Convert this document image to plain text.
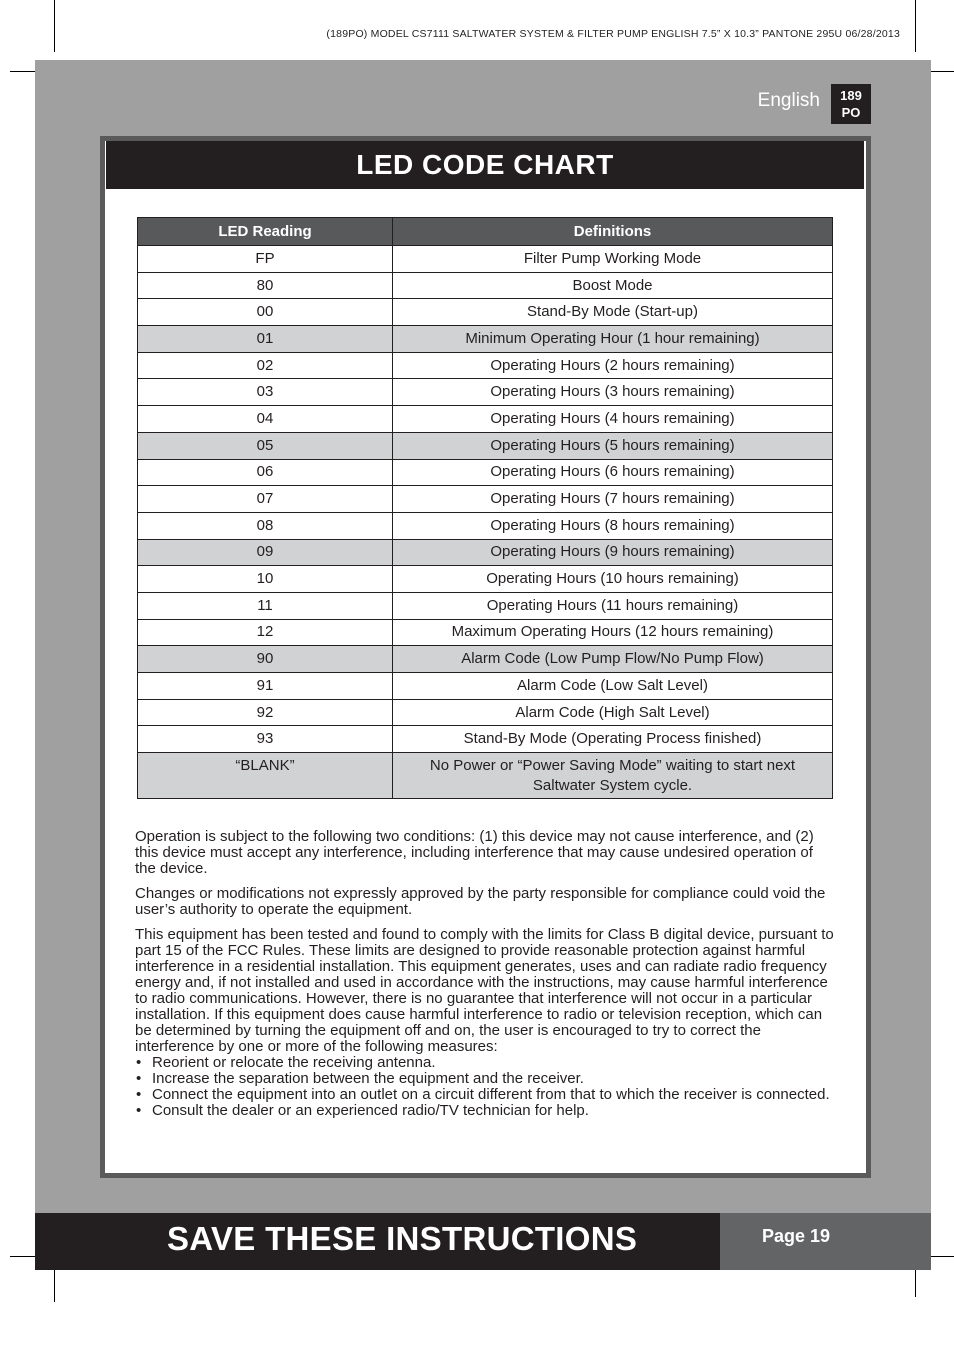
(189PO) MODEL CS7111 SALTWATER SYSTEM & FILTER PUMP ENGLISH 7.5” X 10.3” PANTONE 295U 06/28/2013
English	189
PO
LED CODE CHART
LED Reading	Definitions
FP	Filter Pump Working Mode
80	Boost Mode
00	Stand-By Mode (Start-up)
01	Minimum Operating Hour (1 hour remaining)
02	Operating Hours (2 hours remaining)
03	Operating Hours (3 hours remaining)
04	Operating Hours (4 hours remaining)
05	Operating Hours (5 hours remaining)
06	Operating Hours (6 hours remaining)
07	Operating Hours (7 hours remaining)
08	Operating Hours (8 hours remaining)
09	Operating Hours (9 hours remaining)
10	Operating Hours (10 hours remaining)
11	Operating Hours (11 hours remaining)
12	Maximum Operating Hours (12 hours remaining)
90	Alarm Code (Low Pump Flow/No Pump Flow)
91	Alarm Code (Low Salt Level)
92	Alarm Code (High Salt Level)
93	Stand-By Mode (Operating Process finished)
“BLANK”	No Power or “Power Saving Mode” waiting to start next Saltwater System cycle.

Operation is subject to the following two conditions: (1) this device may not cause interference, and (2) this device must accept any interference, including interference that may cause undesired operation of the device.

Changes or modifications not expressly approved by the party responsible for compliance could void the user’s authority to operate the equipment.

This equipment has been tested and found to comply with the limits for Class B digital device, pursuant to part 15 of the FCC Rules. These limits are designed to provide reasonable protection against harmful interference in a residential installation. This equipment generates, uses and can radiate radio frequency energy and, if not installed and used in accordance with the instructions, may cause harmful interference to radio communications. However, there is no guarantee that interference will not occur in a particular installation. If this equipment does cause harmful interference to radio or television reception, which can be determined by turning the equipment off and on, the user is encouraged to try to correct the interference by one or more of the following measures:

• Reorient or relocate the receiving antenna.
• Increase the separation between the equipment and the receiver.
• Connect the equipment into an outlet on a circuit different from that to which the receiver is connected.
• Consult the dealer or an experienced radio/TV technician for help.
SAVE THESE INSTRUCTIONS	Page 19
